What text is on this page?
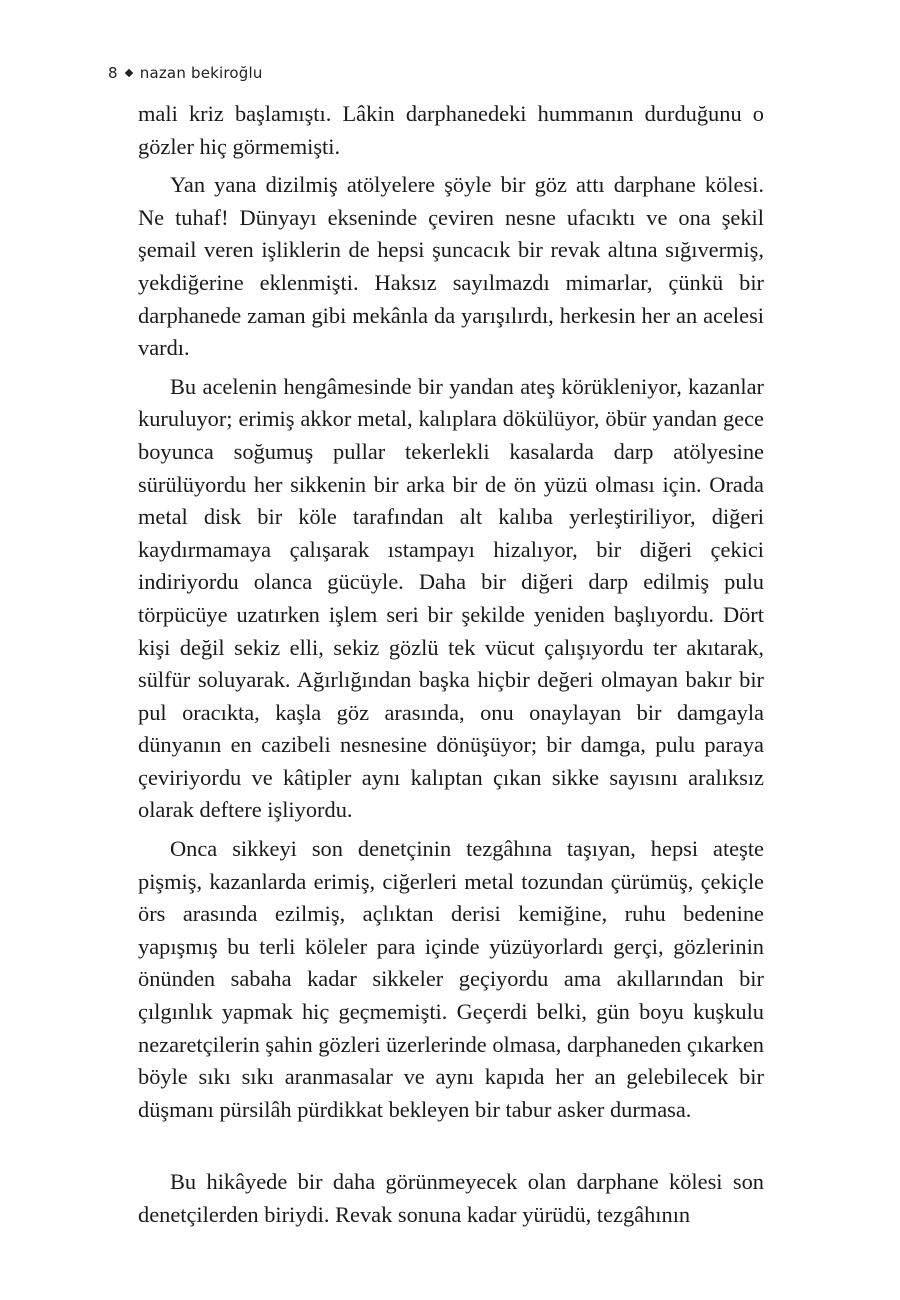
8 nazan bekiroğlu

mali kriz başlamıştı. Lâkin darphanedeki hummanın durduğunu o gözler hiç görmemişti.

Yan yana dizilmiş atölyelere şöyle bir göz attı darphane kölesi. Ne tuhaf! Dünyayı ekseninde çeviren nesne ufacıktı ve ona şekil şemail veren işliklerin de hepsi şuncacık bir revak altına sığıvermiş, yekdiğerine eklenmişti. Haksız sayılmazdı mimarlar, çünkü bir darphanede zaman gibi mekânla da yarışılırdı, herkesin her an acelesi vardı.

Bu acelenin hengâmesinde bir yandan ateş körükleniyor, kazanlar kuruluyor; erimiş akkor metal, kalıplara dökülüyor, öbür yandan gece boyunca soğumuş pullar tekerlekli kasalarda darp atölyesine sürülüyordu her sikkenin bir arka bir de ön yüzü olması için. Orada metal disk bir köle tarafından alt kalıba yerleştiriliyor, diğeri kaydırmamaya çalışarak ıstampayı hizalıyor, bir diğeri çekici indiriyordu olanca gücüyle. Daha bir diğeri darp edilmiş pulu törpücüye uzatırken işlem seri bir şekilde yeniden başlıyordu. Dört kişi değil sekiz elli, sekiz gözlü tek vücut çalışıyordu ter akıtarak, sülfür soluyarak. Ağırlığından başka hiçbir değeri olmayan bakır bir pul oracıkta, kaşla göz arasında, onu onaylayan bir damgayla dünyanın en cazibeli nesnesine dönüşüyor; bir damga, pulu paraya çeviriyordu ve kâtipler aynı kalıptan çıkan sikke sayısını aralıksız olarak deftere işliyordu.

Onca sikkeyi son denetçinin tezgâhına taşıyan, hepsi ateşte pişmiş, kazanlarda erimiş, ciğerleri metal tozundan çürümüş, çekiçle örs arasında ezilmiş, açlıktan derisi kemiğine, ruhu bedenine yapışmış bu terli köleler para içinde yüzüyorlardı gerçi, gözlerinin önünden sabaha kadar sikkeler geçiyordu ama akıllarından bir çılgınlık yapmak hiç geçmemişti. Geçerdi belki, gün boyu kuşkulu nezaretçilerin şahin gözleri üzerlerinde olmasa, darphaneden çıkarken böyle sıkı sıkı aranmasalar ve aynı kapıda her an gelebilecek bir düşmanı pürsilâh pürdikkat bekleyen bir tabur asker durmasa.

Bu hikâyede bir daha görünmeyecek olan darphane kölesi son denetçilerden biriydi. Revak sonuna kadar yürüdü, tezgâhının
